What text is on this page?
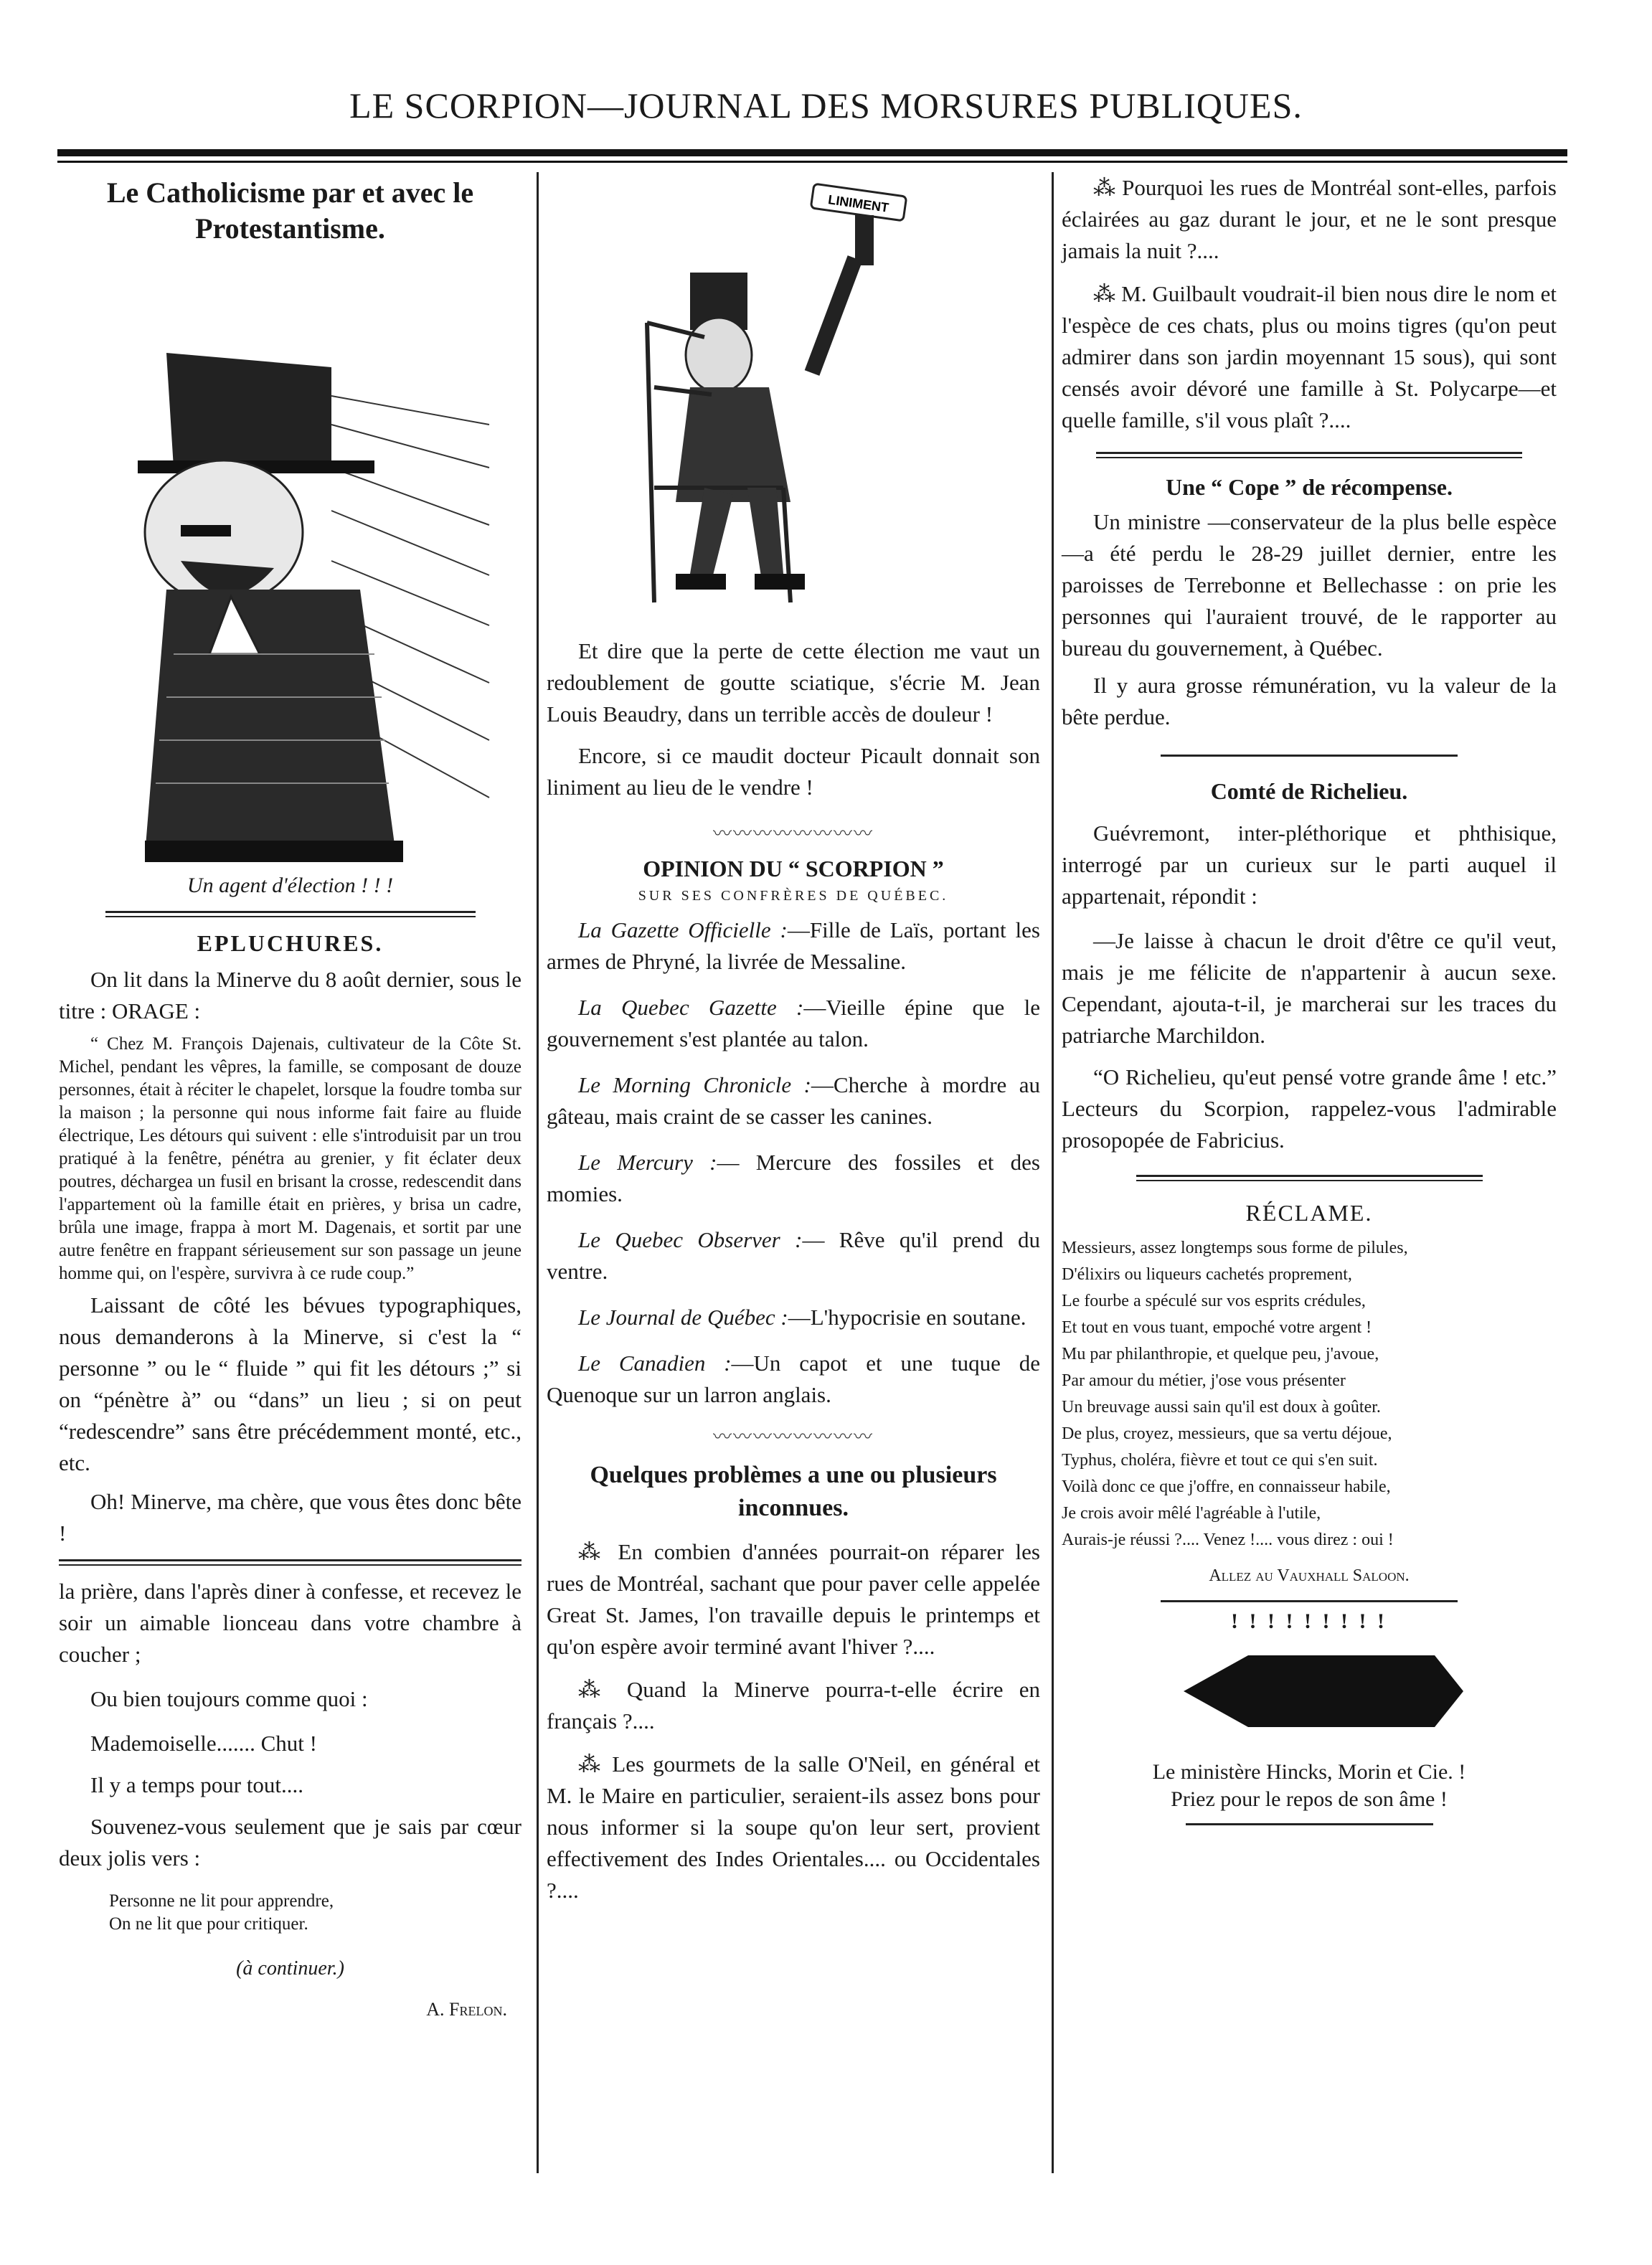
LE SCORPION—JOURNAL DES MORSURES PUBLIQUES.
Le Catholicisme par et avec le Protestantisme.
Un agent d'élection ! ! !
EPLUCHURES.

On lit dans la Minerve du 8 août dernier, sous le titre : ORAGE :

“ Chez M. François Dajenais, cultivateur de la Côte St. Michel, pendant les vêpres, la famille, se composant de douze personnes, était à réciter le chapelet, lorsque la foudre tomba sur la maison ; la personne qui nous informe fait faire au fluide électrique, Les détours qui suivent : elle s'introduisit par un trou pratiqué à la fenêtre, pénétra au grenier, y fit éclater deux poutres, déchargea un fusil en brisant la crosse, redescendit dans l'appartement où la famille était en prières, y brisa un cadre, brûla une image, frappa à mort M. Dagenais, et sortit par une autre fenêtre en frappant sérieusement sur son passage un jeune homme qui, on l'espère, survivra à ce rude coup.”

Laissant de côté les bévues typographiques, nous demanderons à la Minerve, si c'est la “ personne ” ou le “ fluide ” qui fit les détours ;” si on “pénètre à” ou “dans” un lieu ; si on peut “redescendre” sans être précédemment monté, etc., etc.

Oh! Minerve, ma chère, que vous êtes donc bête !

la prière, dans l'après diner à confesse, et recevez le soir un aimable lionceau dans votre chambre à coucher ;

Ou bien toujours comme quoi :

Mademoiselle....... Chut !

Il y a temps pour tout....

Souvenez-vous seulement que je sais par cœur deux jolis vers :

Personne ne lit pour apprendre,

On ne lit que pour critiquer.

(à continuer.)

A. Frelon.

LINIMENT

Et dire que la perte de cette élection me vaut un redoublement de goutte sciatique, s'écrie M. Jean Louis Beaudry, dans un terrible accès de douleur !

Encore, si ce maudit docteur Picault donnait son liniment au lieu de le vendre !

〰〰〰〰〰〰〰〰
OPINION DU “ SCORPION ”
SUR SES CONFRÈRES DE QUÉBEC.

La Gazette Officielle :—Fille de Laïs, portant les armes de Phryné, la livrée de Messaline.

La Quebec Gazette :—Vieille épine que le gouvernement s'est plantée au talon.

Le Morning Chronicle :—Cherche à mordre au gâteau, mais craint de se casser les canines.

Le Mercury :— Mercure des fossiles et des momies.

Le Quebec Observer :— Rêve qu'il prend du ventre.

Le Journal de Québec :—L'hypocrisie en soutane.

Le Canadien :—Un capot et une tuque de Quenoque sur un larron anglais.

〰〰〰〰〰〰〰〰
Quelques problèmes a une ou plusieurs inconnues.

⁂ En combien d'années pourrait-on réparer les rues de Montréal, sachant que pour paver celle appelée Great St. James, l'on travaille depuis le printemps et qu'on espère avoir terminé avant l'hiver ?....

⁂ Quand la Minerve pourra-t-elle écrire en français ?....

⁂ Les gourmets de la salle O'Neil, en général et M. le Maire en particulier, seraient-ils assez bons pour nous informer si la soupe qu'on leur sert, provient effectivement des Indes Orientales.... ou Occidentales ?....

⁂ Pourquoi les rues de Montréal sont-elles, parfois éclairées au gaz durant le jour, et ne le sont presque jamais la nuit ?....

⁂ M. Guilbault voudrait-il bien nous dire le nom et l'espèce de ces chats, plus ou moins tigres (qu'on peut admirer dans son jardin moyennant 15 sous), qui sont censés avoir dévoré une famille à St. Polycarpe—et quelle famille, s'il vous plaît ?....

Une “ Cope ” de récompense.

Un ministre —conservateur de la plus belle espèce—a été perdu le 28-29 juillet dernier, entre les paroisses de Terrebonne et Bellechasse : on prie les personnes qui l'auraient trouvé, de le rapporter au bureau du gouvernement, à Québec.

Il y aura grosse rémunération, vu la valeur de la bête perdue.

Comté de Richelieu.

Guévremont, inter-pléthorique et phthisique, interrogé par un curieux sur le parti auquel il appartenait, répondit :

—Je laisse à chacun le droit d'être ce qu'il veut, mais je me félicite de n'appartenir à aucun sexe. Cependant, ajouta-t-il, je marcherai sur les traces du patriarche Marchildon.

“O Richelieu, qu'eut pensé votre grande âme ! etc.” Lecteurs du Scorpion, rappelez-vous l'admirable prosopopée de Fabricius.

RÉCLAME.

Messieurs, assez longtemps sous forme de pilules,

D'élixirs ou liqueurs cachetés proprement,

Le fourbe a spéculé sur vos esprits crédules,

Et tout en vous tuant, empoché votre argent !

Mu par philanthropie, et quelque peu, j'avoue,

Par amour du métier, j'ose vous présenter

Un breuvage aussi sain qu'il est doux à goûter.

De plus, croyez, messieurs, que sa vertu déjoue,

Typhus, choléra, fièvre et tout ce qui s'en suit.

Voilà donc ce que j'offre, en connaisseur habile,

Je crois avoir mêlé l'agréable à l'utile,

Aurais-je réussi ?.... Venez !.... vous direz : oui !

Allez au Vauxhall Saloon.

! ! ! ! ! ! ! ! !

Le ministère Hincks, Morin et Cie. !

Priez pour le repos de son âme !
